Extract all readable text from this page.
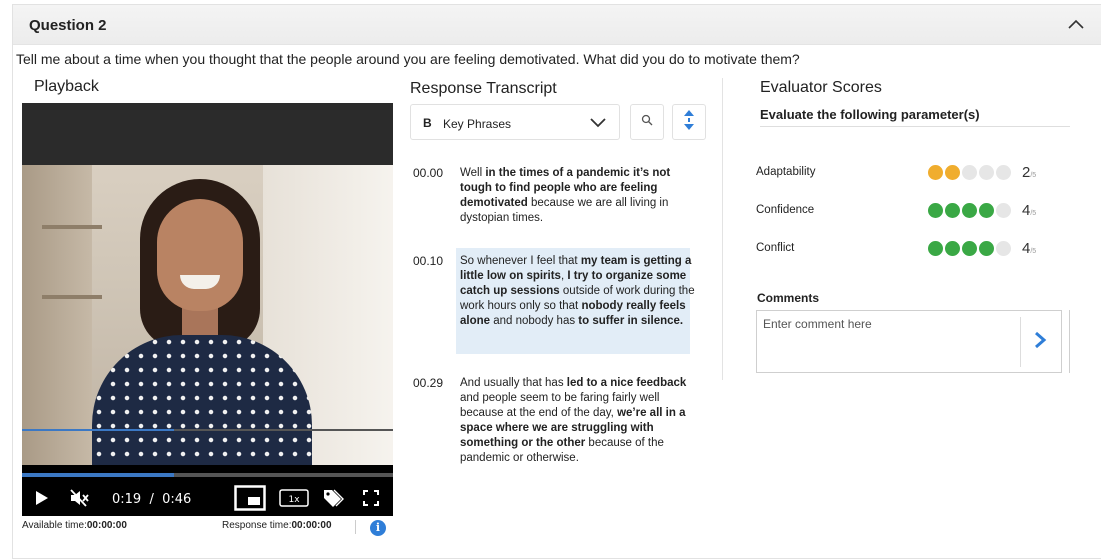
Question 2
Tell me about a time when you thought that the people around you are feeling demotivated. What did you do to motivate them?
Playback
0:19 / 0:46	1x
Available time:00:00:00	Response time:00:00:00	i
Response Transcript
B Key Phrases
00.00 Well in the times of a pandemic it’s not tough to find people who are feeling demotivated because we are all living in dystopian times.
00.10 So whenever I feel that my team is getting a little low on spirits, I try to organize some catch up sessions outside of work during the work hours only so that nobody really feels alone and nobody has to suffer in silence.
00.29 And usually that has led to a nice feedback and people seem to be faring fairly well because at the end of the day, we’re all in a space where we are struggling with something or the other because of the pandemic or otherwise.
Evaluator Scores
Evaluate the following parameter(s)
Adaptability	2/5
Confidence	4/5
Conflict	4/5
Comments
Enter comment here
